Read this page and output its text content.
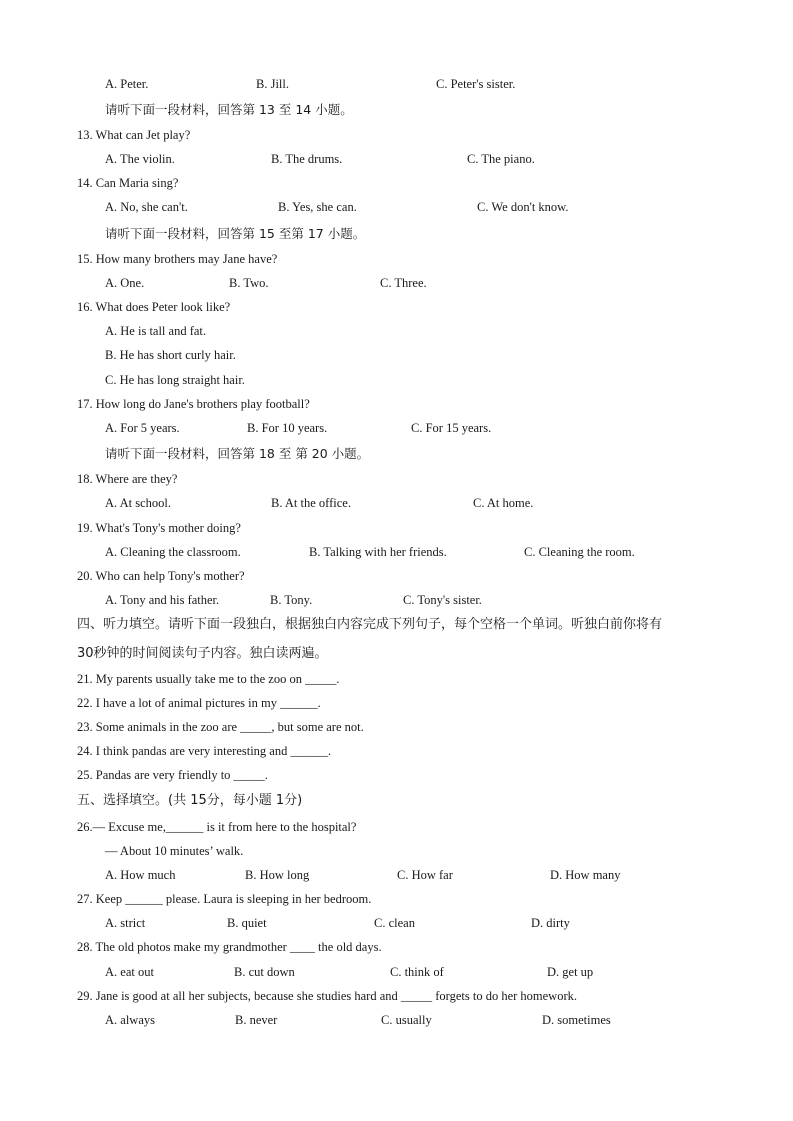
A. Peter.	B. Jill.	C. Peter's sister.
请听下面一段材料，回答第 13 至 14 小题。
13. What can Jet play?
A. The violin.	B. The drums.	C. The piano.
14. Can Maria sing?
A. No, she can't.	B. Yes, she can.	C. We don't know.
请听下面一段材料，回答第 15 至第 17 小题。
15. How many brothers may Jane have?
A. One.	B. Two.	C. Three.
16. What does Peter look like?
A. He is tall and fat.
B. He has short curly hair.
C. He has long straight hair.
17. How long do Jane's brothers play football?
A. For 5 years.	B. For 10 years.	C. For 15 years.
请听下面一段材料，回答第 18 至 第 20 小题。
18. Where are they?
A. At school.	B. At the office.	C. At home.
19. What's Tony's mother doing?
A. Cleaning the classroom.	B. Talking with her friends.	C. Cleaning the room.
20. Who can help Tony's mother?
A. Tony and his father.	B. Tony.	C. Tony's sister.
四、听力填空。请听下面一段独白，根据独白内容完成下列句子，每个空格一个单词。听独白前你将有
30秒钟的时间阅读句子内容。独白读两遍。
21. My parents usually take me to the zoo on _____.
22. I have a lot of animal pictures in my ______.
23. Some animals in the zoo are _____, but some are not.
24. I think pandas are very interesting and ______.
25. Pandas are very friendly to _____.
五、选择填空。(共 15分，每小题 1分)
26.— Excuse me,______ is it from here to the hospital?
— About 10 minutes’ walk.
A. How much	B. How long	C. How far	D. How many
27. Keep ______ please. Laura is sleeping in her bedroom.
A. strict	B. quiet	C. clean	D. dirty
28. The old photos make my grandmother ____ the old days.
A. eat out	B. cut down	C. think of	D. get up
29. Jane is good at all her subjects, because she studies hard and _____ forgets to do her homework.
A. always	B. never	C. usually	D. sometimes
